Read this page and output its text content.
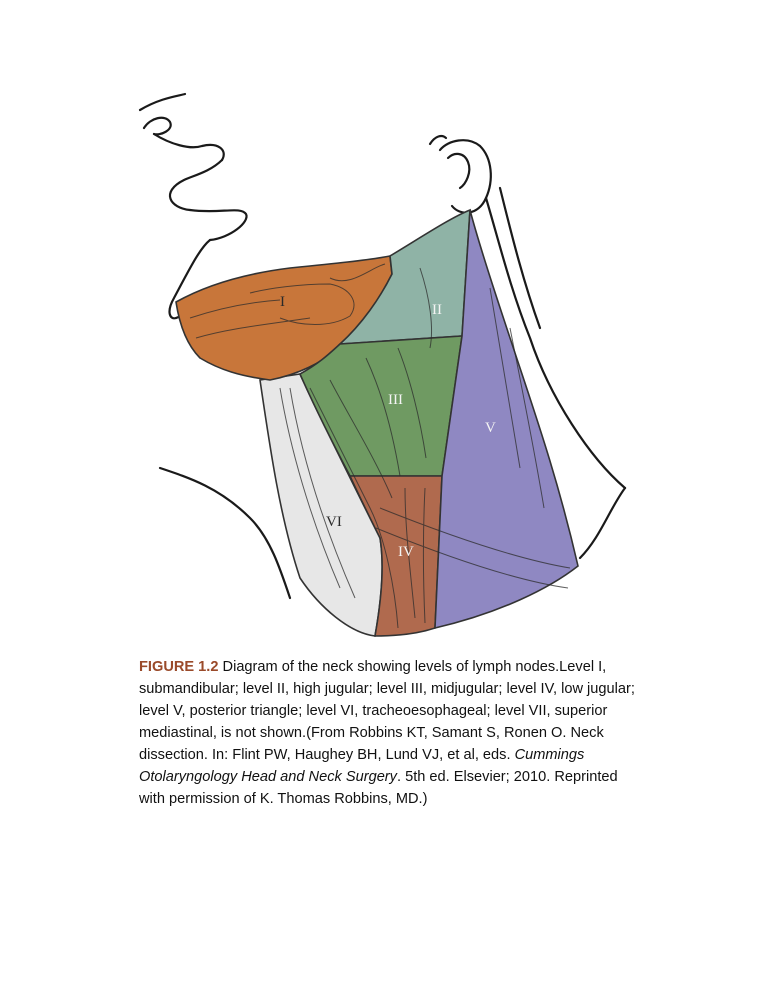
I	II
III
IV
V
VI
FIGURE 1.2 Diagram of the neck showing levels of lymph nodes.Level I, submandibular; level II, high jugular; level III, midjugular; level IV, low jugular; level V, posterior triangle; level VI, tracheoesophageal; level VII, superior mediastinal, is not shown.(From Robbins KT, Samant S, Ronen O. Neck dissection. In: Flint PW, Haughey BH, Lund VJ, et al, eds. Cummings Otolaryngology Head and Neck Surgery. 5th ed. Elsevier; 2010. Reprinted with permission of K. Thomas Robbins, MD.)
